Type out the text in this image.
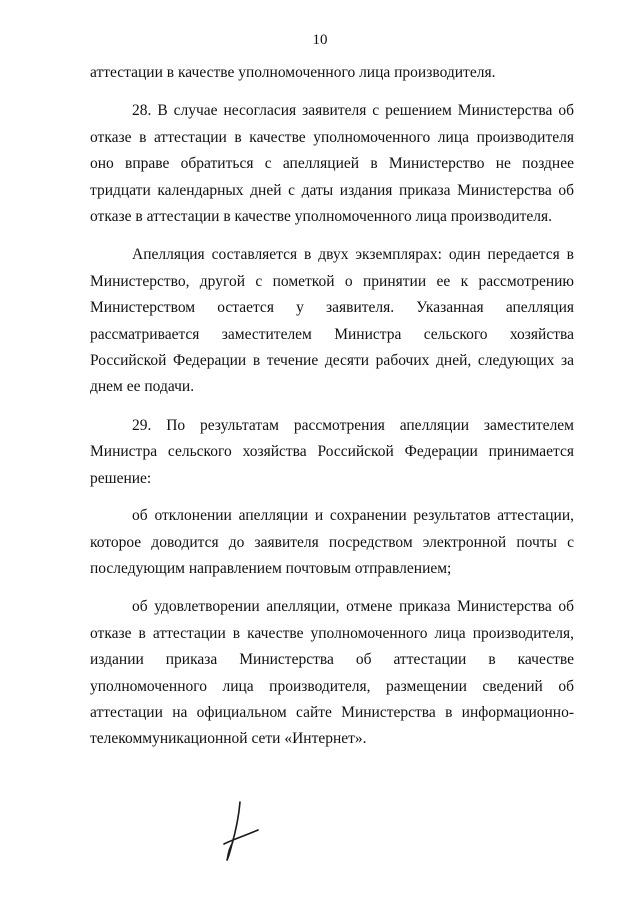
10

аттестации в качестве уполномоченного лица производителя.

28. В случае несогласия заявителя с решением Министерства об отказе в аттестации в качестве уполномоченного лица производителя оно вправе обратиться с апелляцией в Министерство не позднее тридцати календарных дней с даты издания приказа Министерства об отказе в аттестации в качестве уполномоченного лица производителя.

Апелляция составляется в двух экземплярах: один передается в Министерство, другой с пометкой о принятии ее к рассмотрению Министерством остается у заявителя. Указанная апелляция рассматривается заместителем Министра сельского хозяйства Российской Федерации в течение десяти рабочих дней, следующих за днем ее подачи.

29. По результатам рассмотрения апелляции заместителем Министра сельского хозяйства Российской Федерации принимается решение:

об отклонении апелляции и сохранении результатов аттестации, которое доводится до заявителя посредством электронной почты с последующим направлением почтовым отправлением;

об удовлетворении апелляции, отмене приказа Министерства об отказе в аттестации в качестве уполномоченного лица производителя, издании приказа Министерства об аттестации в качестве уполномоченного лица производителя, размещении сведений об аттестации на официальном сайте Министерства в информационно-телекоммуникационной сети «Интернет».
